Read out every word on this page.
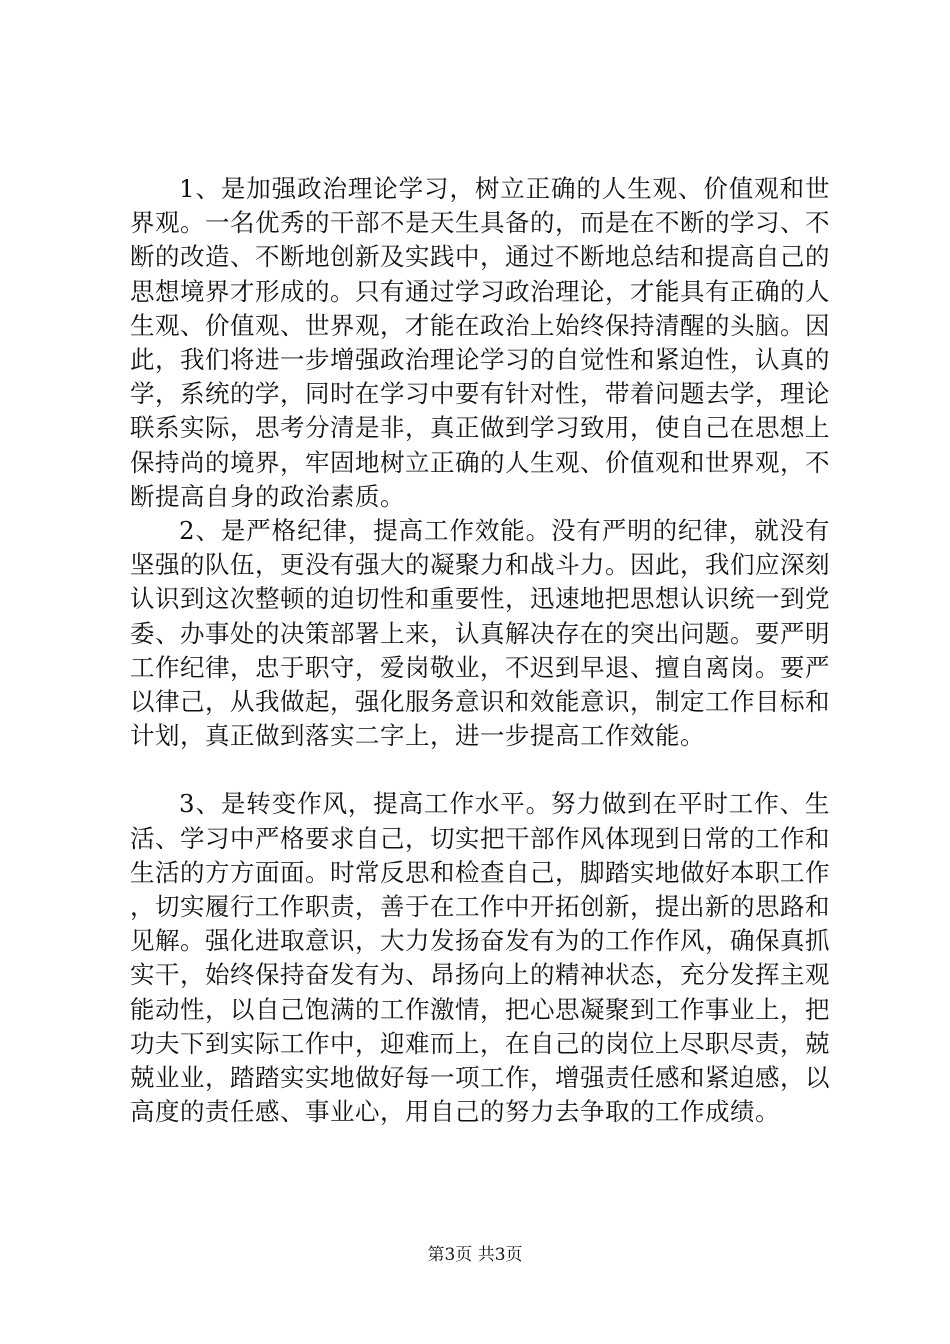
1、是加强政治理论学习，树立正确的人生观、价值观和世界观。一名优秀的干部不是天生具备的，而是在不断的学习、不断的改造、不断地创新及实践中，通过不断地总结和提高自己的思想境界才形成的。只有通过学习政治理论，才能具有正确的人生观、价值观、世界观，才能在政治上始终保持清醒的头脑。因此，我们将进一步增强政治理论学习的自觉性和紧迫性，认真的学，系统的学，同时在学习中要有针对性，带着问题去学，理论联系实际，思考分清是非，真正做到学习致用，使自己在思想上保持尚的境界，牢固地树立正确的人生观、价值观和世界观，不断提高自身的政治素质。

2、是严格纪律，提高工作效能。没有严明的纪律，就没有坚强的队伍，更没有强大的凝聚力和战斗力。因此，我们应深刻认识到这次整顿的迫切性和重要性，迅速地把思想认识统一到党委、办事处的决策部署上来，认真解决存在的突出问题。要严明工作纪律，忠于职守，爱岗敬业，不迟到早退、擅自离岗。要严以律己，从我做起，强化服务意识和效能意识，制定工作目标和计划，真正做到落实二字上，进一步提高工作效能。

3、是转变作风，提高工作水平。努力做到在平时工作、生活、学习中严格要求自己，切实把干部作风体现到日常的工作和生活的方方面面。时常反思和检查自己，脚踏实地做好本职工作，切实履行工作职责，善于在工作中开拓创新，提出新的思路和见解。强化进取意识，大力发扬奋发有为的工作作风，确保真抓实干，始终保持奋发有为、昂扬向上的精神状态，充分发挥主观能动性，以自己饱满的工作激情，把心思凝聚到工作事业上，把功夫下到实际工作中，迎难而上，在自己的岗位上尽职尽责，兢兢业业，踏踏实实地做好每一项工作，增强责任感和紧迫感，以高度的责任感、事业心，用自己的努力去争取的工作成绩。

第3页 共3页
